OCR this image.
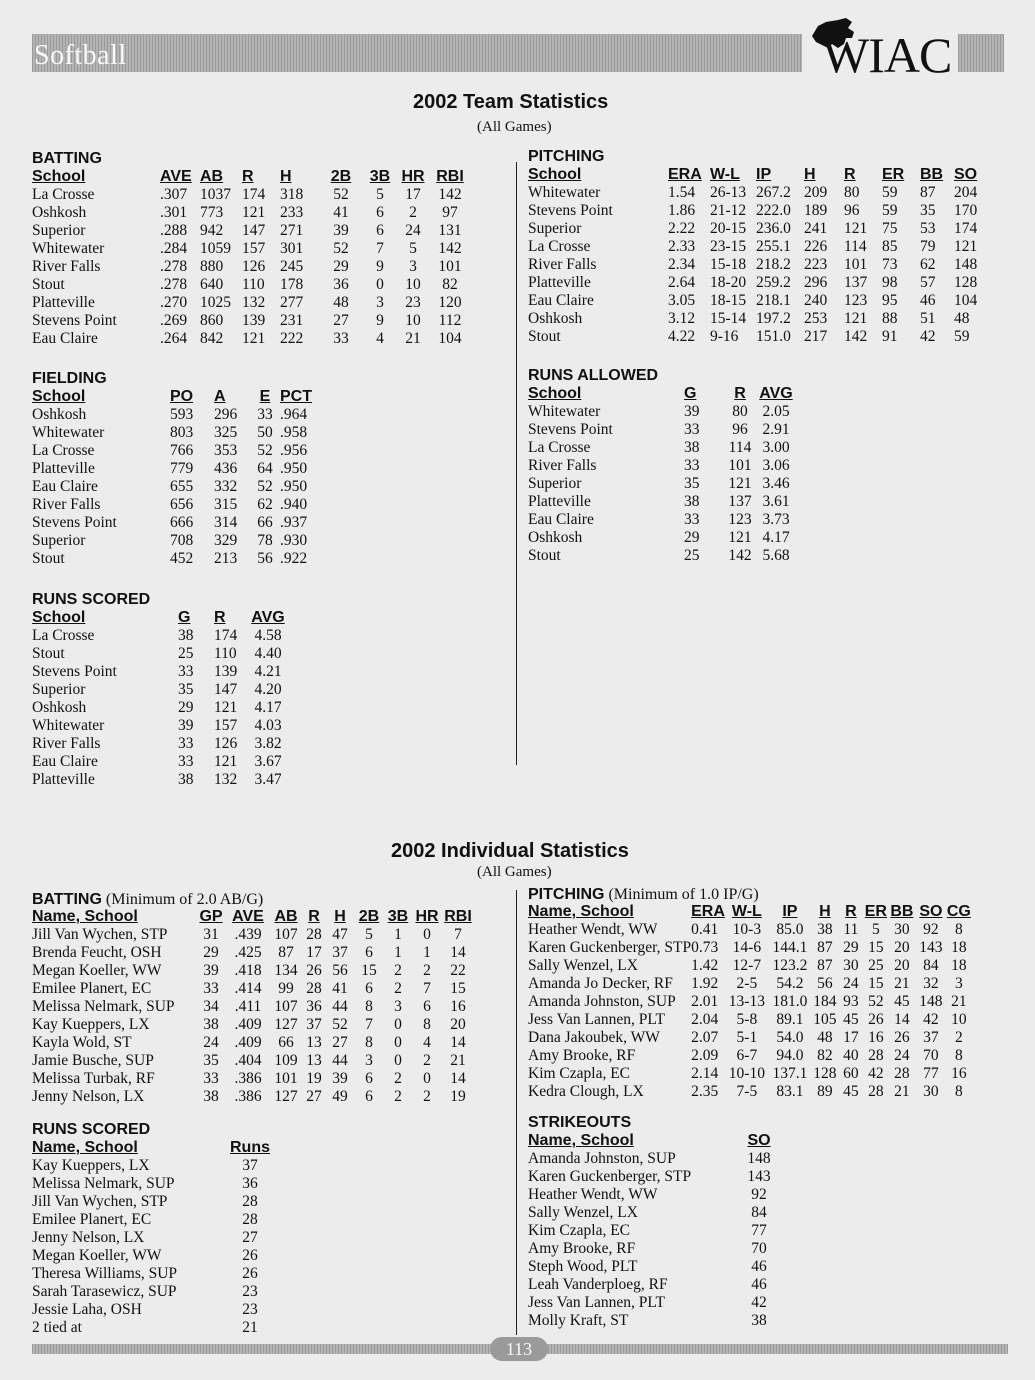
Softball	WIAC
2002 Team Statistics
(All Games)
BATTING
School	AVE	AB	R	H	2B	3B	HR	RBI
La Crosse	.307	1037	174	318	52	5	17	142
Oshkosh	.301	773	121	233	41	6	2	97
Superior	.288	942	147	271	39	6	24	131
Whitewater	.284	1059	157	301	52	7	5	142
River Falls	.278	880	126	245	29	9	3	101
Stout	.278	640	110	178	36	0	10	82
Platteville	.270	1025	132	277	48	3	23	120
Stevens Point	.269	860	139	231	27	9	10	112
Eau Claire	.264	842	121	222	33	4	21	104
PITCHING
School	ERA	W-L	IP	H	R	ER	BB	SO
Whitewater	1.54	26-13	267.2	209	80	59	87	204
Stevens Point	1.86	21-12	222.0	189	96	59	35	170
Superior	2.22	20-15	236.0	241	121	75	53	174
La Crosse	2.33	23-15	255.1	226	114	85	79	121
River Falls	2.34	15-18	218.2	223	101	73	62	148
Platteville	2.64	18-20	259.2	296	137	98	57	128
Eau Claire	3.05	18-15	218.1	240	123	95	46	104
Oshkosh	3.12	15-14	197.2	253	121	88	51	48
Stout	4.22	9-16	151.0	217	142	91	42	59
FIELDING
School	PO	A	E	PCT
Oshkosh	593	296	33	.964
Whitewater	803	325	50	.958
La Crosse	766	353	52	.956
Platteville	779	436	64	.950
Eau Claire	655	332	52	.950
River Falls	656	315	62	.940
Stevens Point	666	314	66	.937
Superior	708	329	78	.930
Stout	452	213	56	.922
RUNS ALLOWED
School	G	R	AVG
Whitewater	39	80	2.05
Stevens Point	33	96	2.91
La Crosse	38	114	3.00
River Falls	33	101	3.06
Superior	35	121	3.46
Platteville	38	137	3.61
Eau Claire	33	123	3.73
Oshkosh	29	121	4.17
Stout	25	142	5.68
RUNS SCORED
School	G	R	AVG
La Crosse	38	174	4.58
Stout	25	110	4.40
Stevens Point	33	139	4.21
Superior	35	147	4.20
Oshkosh	29	121	4.17
Whitewater	39	157	4.03
River Falls	33	126	3.82
Eau Claire	33	121	3.67
Platteville	38	132	3.47
2002 Individual Statistics
(All Games)
BATTING (Minimum of 2.0 AB/G)
Name, School	GP	AVE	AB	R	H	2B	3B	HR	RBI
Jill Van Wychen, STP	31	.439	107	28	47	5	1	0	7
Brenda Feucht, OSH	29	.425	87	17	37	6	1	1	14
Megan Koeller, WW	39	.418	134	26	56	15	2	2	22
Emilee Planert, EC	33	.414	99	28	41	6	2	7	15
Melissa Nelmark, SUP	34	.411	107	36	44	8	3	6	16
Kay Kueppers, LX	38	.409	127	37	52	7	0	8	20
Kayla Wold, ST	24	.409	66	13	27	8	0	4	14
Jamie Busche, SUP	35	.404	109	13	44	3	0	2	21
Melissa Turbak, RF	33	.386	101	19	39	6	2	0	14
Jenny Nelson, LX	38	.386	127	27	49	6	2	2	19
PITCHING (Minimum of 1.0 IP/G)
Name, School	ERA	W-L	IP	H	R	ER	BB	SO	CG
Heather Wendt, WW	0.41	10-3	85.0	38	11	5	30	92	8
Karen Guckenberger, STP	0.73	14-6	144.1	87	29	15	20	143	18
Sally Wenzel, LX	1.42	12-7	123.2	87	30	25	20	84	18
Amanda Jo Decker, RF	1.92	2-5	54.2	56	24	15	21	32	3
Amanda Johnston, SUP	2.01	13-13	181.0	184	93	52	45	148	21
Jess Van Lannen, PLT	2.04	5-8	89.1	105	45	26	14	42	10
Dana Jakoubek, WW	2.07	5-1	54.0	48	17	16	26	37	2
Amy Brooke, RF	2.09	6-7	94.0	82	40	28	24	70	8
Kim Czapla, EC	2.14	10-10	137.1	128	60	42	28	77	16
Kedra Clough, LX	2.35	7-5	83.1	89	45	28	21	30	8
RUNS SCORED
Name, School	Runs
Kay Kueppers, LX	37
Melissa Nelmark, SUP	36
Jill Van Wychen, STP	28
Emilee Planert, EC	28
Jenny Nelson, LX	27
Megan Koeller, WW	26
Theresa Williams, SUP	26
Sarah Tarasewicz, SUP	23
Jessie Laha, OSH	23
2 tied at	21
STRIKEOUTS
Name, School	SO
Amanda Johnston, SUP	148
Karen Guckenberger, STP	143
Heather Wendt, WW	92
Sally Wenzel, LX	84
Kim Czapla, EC	77
Amy Brooke, RF	70
Steph Wood, PLT	46
Leah Vanderploeg, RF	46
Jess Van Lannen, PLT	42
Molly Kraft, ST	38
113
